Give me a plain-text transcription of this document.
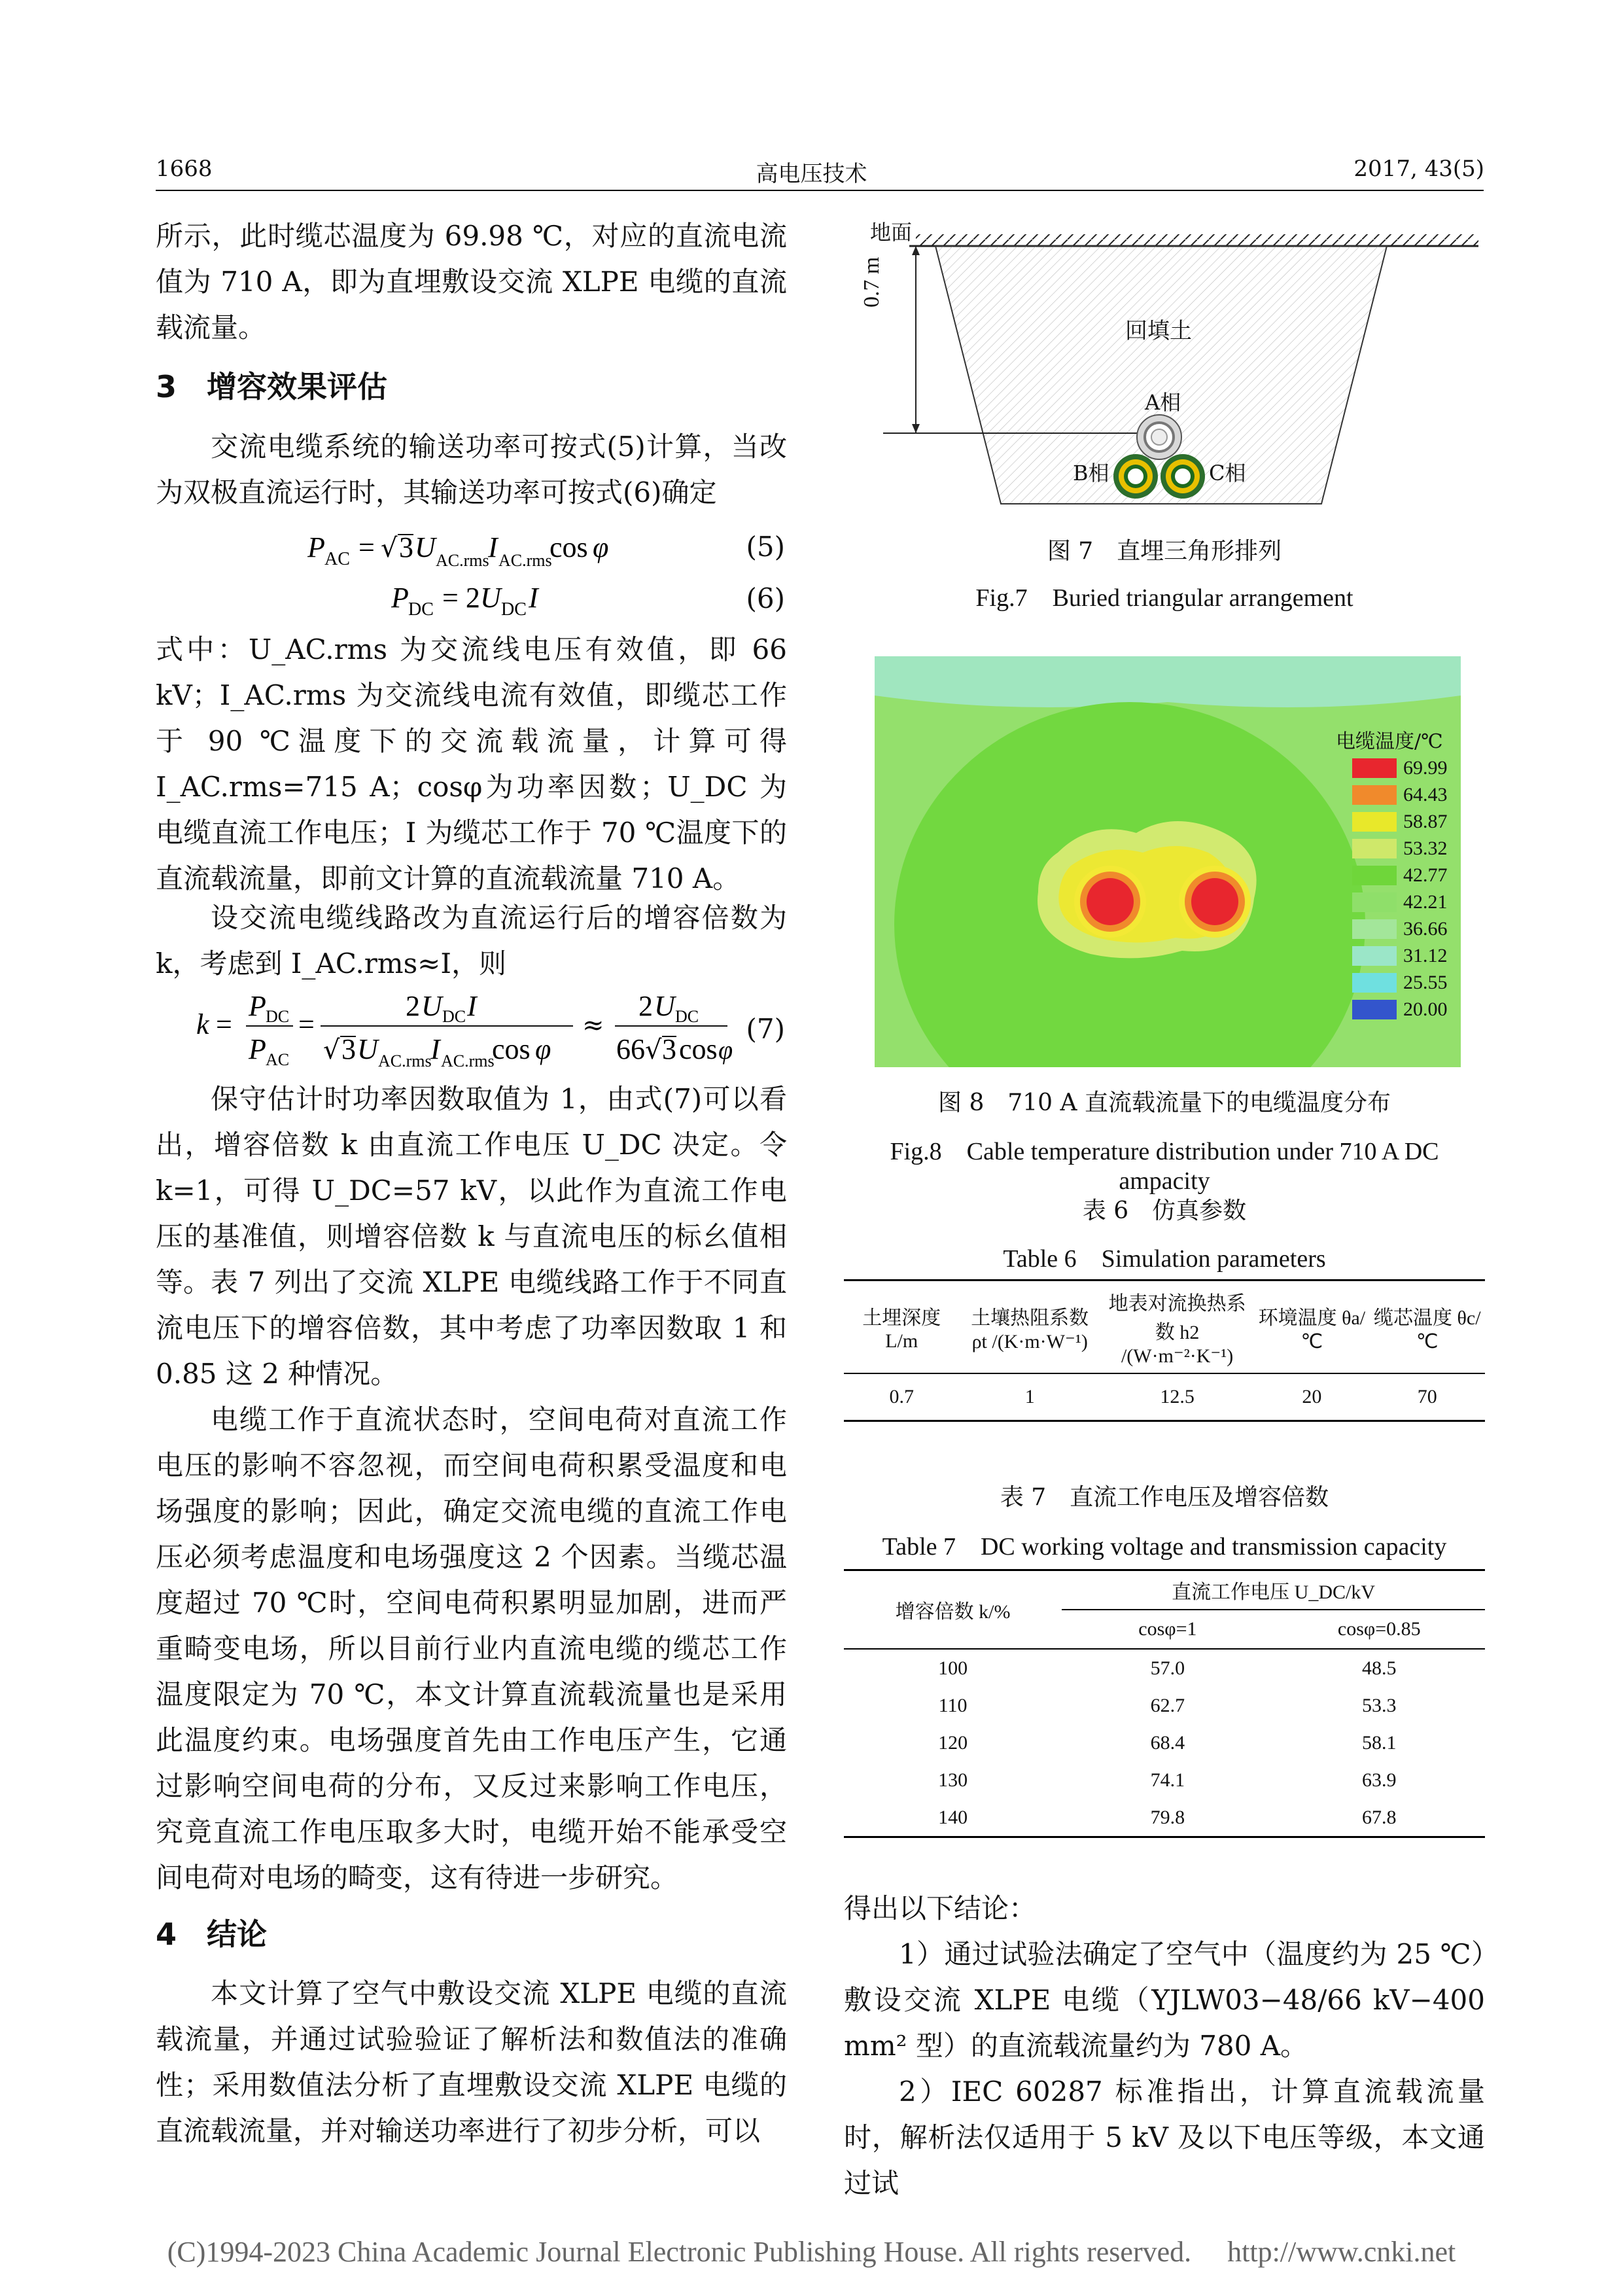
1668	高电压技术	2017, 43(5)

所示，此时缆芯温度为 69.98 ℃，对应的直流电流值为 710 A，即为直埋敷设交流 XLPE 电缆的直流载流量。

3　增容效果评估
交流电缆系统的输送功率可按式(5)计算，当改为双极直流运行时，其输送功率可按式(6)确定
P AC = √ 3 U AC.rms
I AC.rms
cos φ	(5)
P DC = 2 U DC I	(6)
式中：U_AC.rms 为交流线电压有效值，即 66 kV；I_AC.rms 为交流线电流有效值，即缆芯工作于 90 ℃温度下的交流载流量，计算可得 I_AC.rms=715 A；cosφ为功率因数；U_DC 为电缆直流工作电压；I 为缆芯工作于 70 ℃温度下的直流载流量，即前文计算的直流载流量 710 A。
设交流电缆线路改为直流运行后的增容倍数为 k，考虑到 I_AC.rms≈I，则
k =
P DC
P AC
=
2 U DC I
√ 3 U AC.rms
I AC.rms
cos φ
≈
2 U DC
66 √ 3 cos φ
(7)
保守估计时功率因数取值为 1，由式(7)可以看出，增容倍数 k 由直流工作电压 U_DC 决定。令 k=1，可得 U_DC=57 kV，以此作为直流工作电压的基准值，则增容倍数 k 与直流电压的标幺值相等。 表 7 列出了交流 XLPE 电缆线路工作于不同直流电压下的增容倍数，其中考虑了功率因数取 1 和 0.85 这 2 种情况。
电缆工作于直流状态时，空间电荷对直流工作电压的影响不容忽视，而空间电荷积累受温度和电场强度的影响；因此，确定交流电缆的直流工作电压必须考虑温度和电场强度这 2 个因素。当缆芯温度超过 70 ℃时，空间电荷积累明显加剧，进而严重畸变电场，所以目前行业内直流电缆的缆芯工作温度限定为 70 ℃，本文计算直流载流量也是采用此温度约束。电场强度首先由工作电压产生，它通过影响空间电荷的分布，又反过来影响工作电压，究竟直流工作电压取多大时，电缆开始不能承受空间电荷对电场的畸变，这有待进一步研究。
4　结论
本文计算了空气中敷设交流 XLPE 电缆的直流载流量，并通过试验验证了解析法和数值法的准确性；采用数值法分析了直埋敷设交流 XLPE 电缆的直流载流量，并对输送功率进行了初步分析，可以
地面
0.7 m
回填土
A相
B相	C相
图 7　直埋三角形排列
Fig.7　Buried triangular arrangement
电缆温度/℃
69.99
64.43
58.87
53.32
42.77
42.21
36.66
31.12
25.55
20.00
图 8　710 A 直流载流量下的电缆温度分布
Fig.8　Cable temperature distribution under 710 A DC ampacity
表 6　仿真参数
Table 6　Simulation parameters
土埋深度 L/m	土壤热阻系数 ρt /(K·m·W⁻¹)	地表对流换热系数 h2 /(W·m⁻²·K⁻¹)	环境温度 θa/℃	缆芯温度 θc/℃
0.7	1	12.5	20	70
表 7　直流工作电压及增容倍数
Table 7　DC working voltage and transmission capacity
增容倍数 k/%
直流工作电压 U_DC/kV
cosφ=1	cosφ=0.85
100	57.0	48.5
110	62.7	53.3
120	68.4	58.1
130	74.1	63.9
140	79.8	67.8
得出以下结论：
1）通过试验法确定了空气中（温度约为 25 ℃）敷设交流 XLPE 电缆（YJLW03−48/66 kV−400 mm² 型）的直流载流量约为 780 A。
2）IEC 60287 标准指出，计算直流载流量时，解析法仅适用于 5 kV 及以下电压等级，本文通过试
(C)1994-2023 China Academic Journal Electronic Publishing House. All rights reserved.　 http://www.cnki.net
